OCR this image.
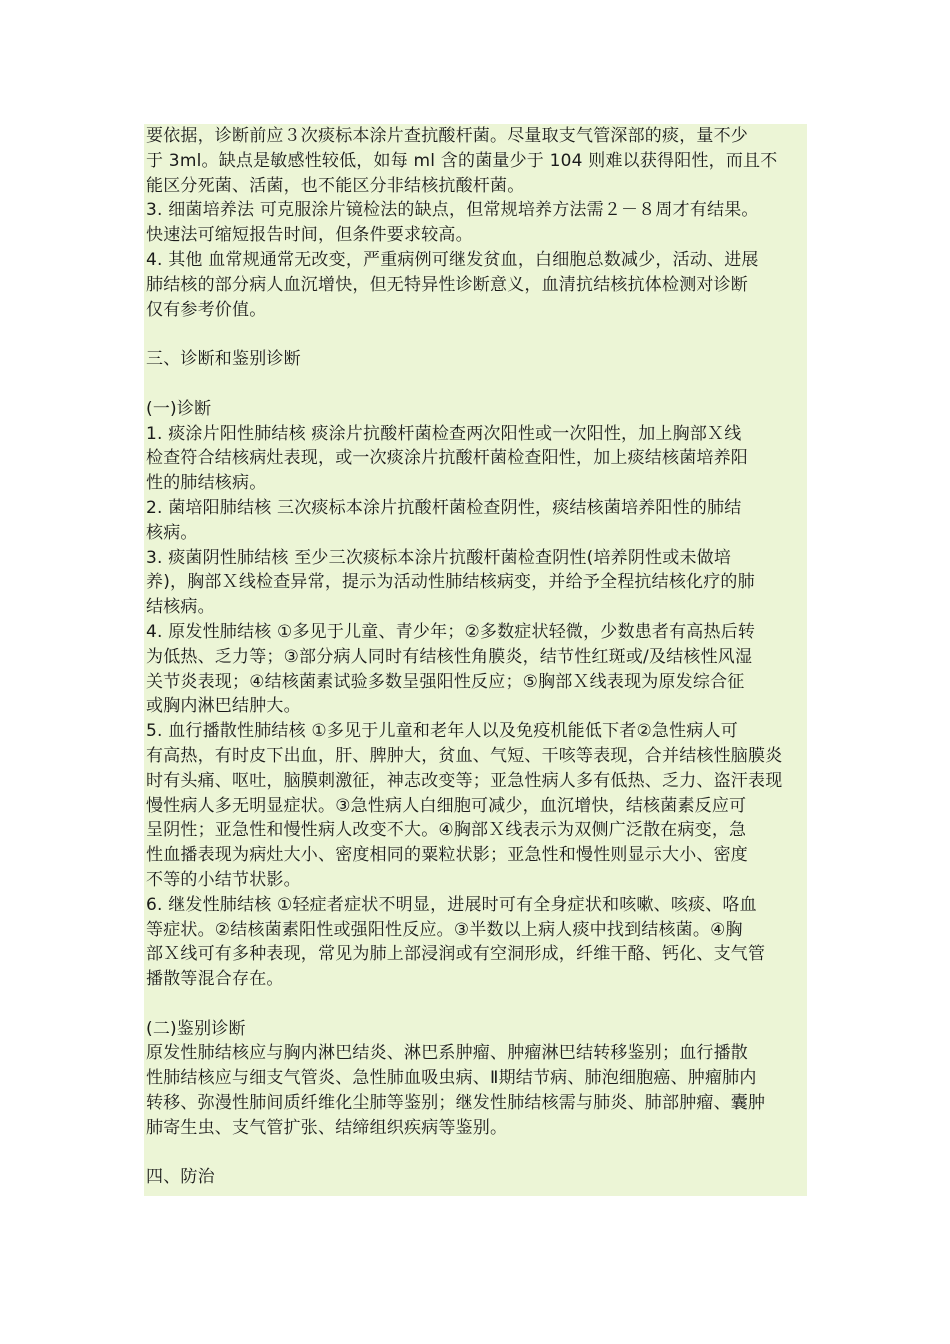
要依据，诊断前应３次痰标本涂片查抗酸杆菌。尽量取支气管深部的痰，量不少
于 3ml。缺点是敏感性较低，如每 ml 含的菌量少于 104 则难以获得阳性，而且不
能区分死菌、活菌，也不能区分非结核抗酸杆菌。
3. 细菌培养法 可克服涂片镜检法的缺点，但常规培养方法需２－８周才有结果。
快速法可缩短报告时间，但条件要求较高。
4. 其他 血常规通常无改变，严重病例可继发贫血，白细胞总数减少，活动、进展
肺结核的部分病人血沉增快，但无特异性诊断意义，血清抗结核抗体检测对诊断
仅有参考价值。
三、诊断和鉴别诊断
(一)诊断
1. 痰涂片阳性肺结核 痰涂片抗酸杆菌检查两次阳性或一次阳性，加上胸部Ｘ线
检查符合结核病灶表现，或一次痰涂片抗酸杆菌检查阳性，加上痰结核菌培养阳
性的肺结核病。
2. 菌培阳肺结核 三次痰标本涂片抗酸杆菌检查阴性，痰结核菌培养阳性的肺结
核病。
3. 痰菌阴性肺结核 至少三次痰标本涂片抗酸杆菌检查阴性(培养阴性或未做培
养)，胸部Ｘ线检查异常，提示为活动性肺结核病变，并给予全程抗结核化疗的肺
结核病。
4. 原发性肺结核 ①多见于儿童、青少年；②多数症状轻微，少数患者有高热后转
为低热、乏力等；③部分病人同时有结核性角膜炎，结节性红斑或/及结核性风湿
关节炎表现；④结核菌素试验多数呈强阳性反应；⑤胸部Ｘ线表现为原发综合征
或胸内淋巴结肿大。
5. 血行播散性肺结核 ①多见于儿童和老年人以及免疫机能低下者②急性病人可
有高热，有时皮下出血，肝、脾肿大，贫血、气短、干咳等表现，合并结核性脑膜炎
时有头痛、呕吐，脑膜刺激征，神志改变等；亚急性病人多有低热、乏力、盗汗表现
慢性病人多无明显症状。③急性病人白细胞可减少，血沉增快，结核菌素反应可
呈阴性；亚急性和慢性病人改变不大。④胸部Ｘ线表示为双侧广泛散在病变，急
性血播表现为病灶大小、密度相同的粟粒状影；亚急性和慢性则显示大小、密度
不等的小结节状影。
6. 继发性肺结核 ①轻症者症状不明显，进展时可有全身症状和咳嗽、咳痰、咯血
等症状。②结核菌素阳性或强阳性反应。③半数以上病人痰中找到结核菌。④胸
部Ｘ线可有多种表现，常见为肺上部浸润或有空洞形成，纤维干酪、钙化、支气管
播散等混合存在。
(二)鉴别诊断
原发性肺结核应与胸内淋巴结炎、淋巴系肿瘤、肿瘤淋巴结转移鉴别；血行播散
性肺结核应与细支气管炎、急性肺血吸虫病、Ⅱ期结节病、肺泡细胞癌、肿瘤肺内
转移、弥漫性肺间质纤维化尘肺等鉴别；继发性肺结核需与肺炎、肺部肿瘤、囊肿
肺寄生虫、支气管扩张、结缔组织疾病等鉴别。
四、防治
